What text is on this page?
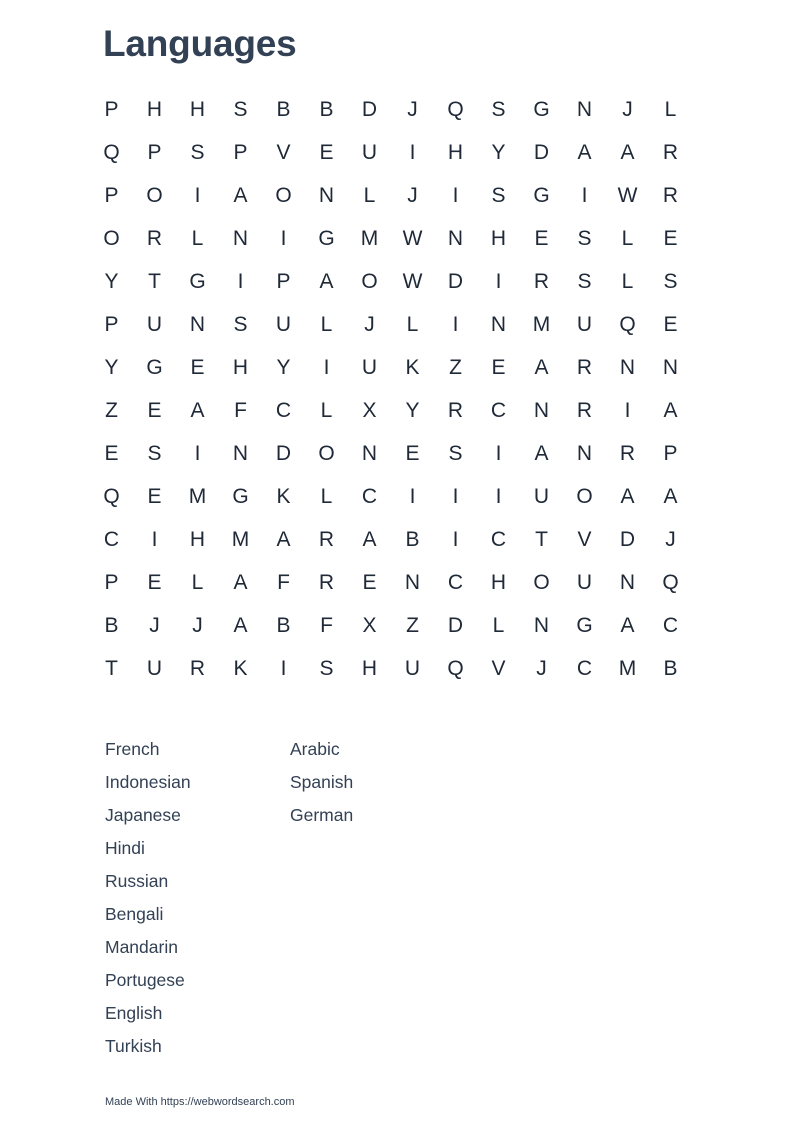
Languages
P	H	H	S	B	B	D	J	Q	S	G	N	J	L
Q	P	S	P	V	E	U	I	H	Y	D	A	A	R
P	O	I	A	O	N	L	J	I	S	G	I	W	R
O	R	L	N	I	G	M	W	N	H	E	S	L	E
Y	T	G	I	P	A	O	W	D	I	R	S	L	S
P	U	N	S	U	L	J	L	I	N	M	U	Q	E
Y	G	E	H	Y	I	U	K	Z	E	A	R	N	N
Z	E	A	F	C	L	X	Y	R	C	N	R	I	A
E	S	I	N	D	O	N	E	S	I	A	N	R	P
Q	E	M	G	K	L	C	I	I	I	U	O	A	A
C	I	H	M	A	R	A	B	I	C	T	V	D	J
P	E	L	A	F	R	E	N	C	H	O	U	N	Q
B	J	J	A	B	F	X	Z	D	L	N	G	A	C
T	U	R	K	I	S	H	U	Q	V	J	C	M	B
French
Indonesian
Japanese
Hindi
Russian
Bengali
Mandarin
Portugese
English
Turkish
Arabic
Spanish
German
Made With https://webwordsearch.com
